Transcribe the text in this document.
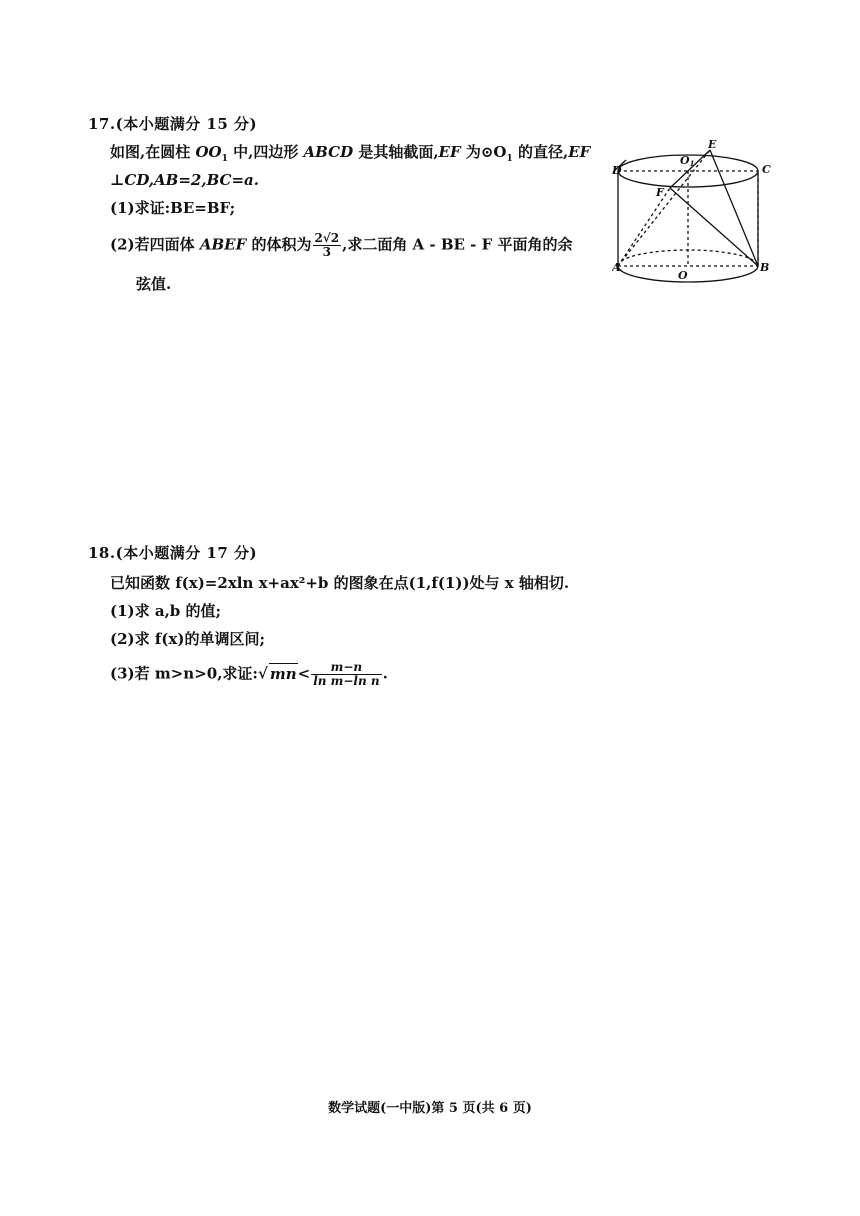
17.(本小题满分 15 分)
如图,在圆柱 $OO_1$ 中,四边形 ABCD 是其轴截面,EF 为$⊙O_1$ 的直径,EF
⊥CD,AB=2,BC=a.
(1)求证:BE=BF;
(2)若四面体 ABEF 的体积为 $\frac{2√2}{3}$ ,求二面角 A - BE - F 平面角的余
弦值.
E
O1	C
D
F
A
O
B
18.(本小题满分 17 分)
已知函数 f(x)=2xln x+ax²+b 的图象在点(1,f(1))处与 x 轴相切.
(1)求 a,b 的值;
(2)求 f(x)的单调区间;
(3)若 m>n>0,求证:√ $mn< \frac{m-n}{\text{ln m−ln n}}$ .
数学试题(一中版)第 5 页(共 6 页)
